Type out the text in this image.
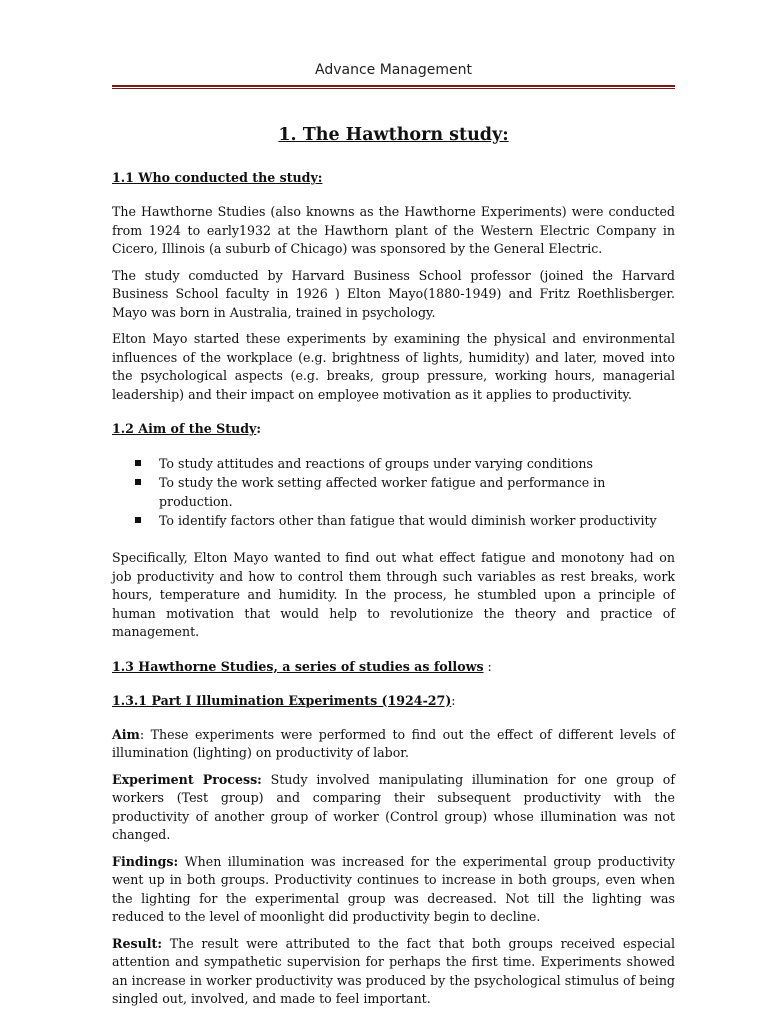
Advance Management
1. The Hawthorn study:
1.1 Who conducted the study:

The Hawthorne Studies (also knowns as the Hawthorne Experiments) were conducted from 1924 to early1932 at the Hawthorn plant of the Western Electric Company in Cicero, Illinois (a suburb of Chicago) was sponsored by the General Electric.

The study comducted by Harvard Business School professor (joined the Harvard Business School faculty in 1926 ) Elton Mayo(1880-1949) and Fritz Roethlisberger. Mayo was born in Australia, trained in psychology.

Elton Mayo started these experiments by examining the physical and environmental influences of the workplace (e.g. brightness of lights, humidity) and later, moved into the psychological aspects (e.g. breaks, group pressure, working hours, managerial leadership) and their impact on employee motivation as it applies to productivity.

1.2 Aim of the Study:
To study attitudes and reactions of groups under varying conditions
To study the work setting affected worker fatigue and performance in production.
To identify factors other than fatigue that would diminish worker productivity

Specifically, Elton Mayo wanted to find out what effect fatigue and monotony had on job productivity and how to control them through such variables as rest breaks, work hours, temperature and humidity. In the process, he stumbled upon a principle of human motivation that would help to revolutionize the theory and practice of management.

1.3 Hawthorne Studies, a series of studies as follows :
1.3.1 Part I Illumination Experiments (1924-27):

Aim: These experiments were performed to find out the effect of different levels of illumination (lighting) on productivity of labor.

Experiment Process: Study involved manipulating illumination for one group of workers (Test group) and comparing their subsequent productivity with the productivity of another group of worker (Control group) whose illumination was not changed.

Findings: When illumination was increased for the experimental group productivity went up in both groups. Productivity continues to increase in both groups, even when the lighting for the experimental group was decreased. Not till the lighting was reduced to the level of moonlight did productivity begin to decline.

Result: The result were attributed to the fact that both groups received especial attention and sympathetic supervision for perhaps the first time. Experiments showed an increase in worker productivity was produced by the psychological stimulus of being singled out, involved, and made to feel important.
